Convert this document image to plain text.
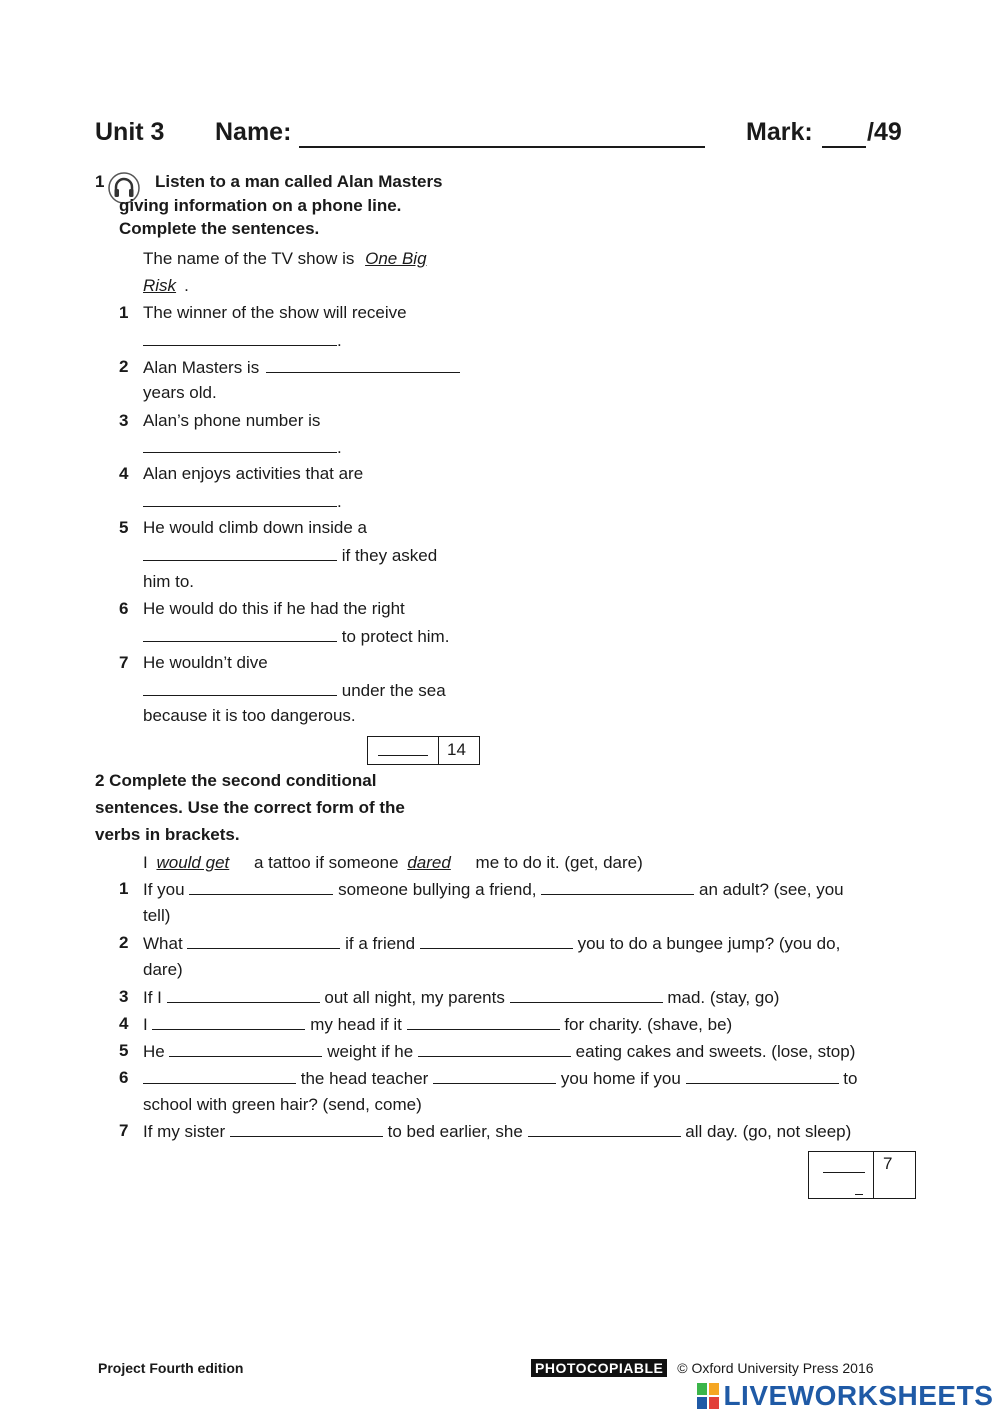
Unit 3 Name:	Mark: /49
1	Listen to a man called Alan Masters
giving information on a phone line.
Complete the sentences.
The name of the TV show is One Big
Risk .
1 The winner of the show will receive
.
2 Alan Masters is
years old.
3 Alan’s phone number is
.
4 Alan enjoys activities that are
.
5 He would climb down inside a
if they asked
him to.
6 He would do this if he had the right
to protect him.
7 He wouldn’t dive
under the sea
because it is too dangerous.
14
2 Complete the second conditional
sentences. Use the correct form of the
verbs in brackets.
I would get a tattoo if someone dared me to do it. (get, dare)
1 If you	someone bullying a friend,	an adult? (see, you
tell)
2 What	if a friend	you to do a bungee jump? (you do,
dare)
3 If I	out all night, my parents	mad. (stay, go)
4 I	my head if it	for charity. (shave, be)
5 He	weight if he	eating cakes and sweets. (lose, stop)
6	the head teacher	you home if you	to
school with green hair? (send, come)
7 If my sister	to bed earlier, she	all day. (go, not sleep)
7
Project Fourth edition	PHOTOCOPIABLE © Oxford University Press 2016
LIVEWORKSHEETS
